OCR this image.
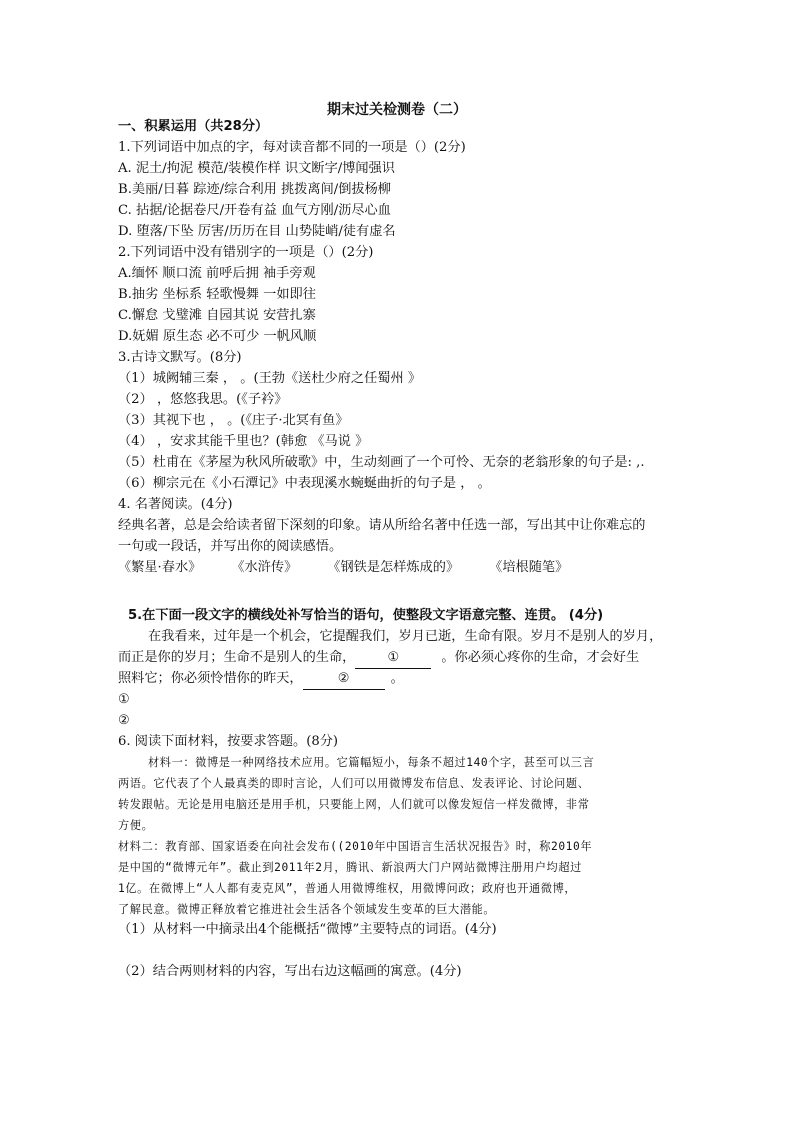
期末过关检测卷（二）
一、积累运用（共28分）
1.下列词语中加点的字，每对读音都不同的一项是（）(2分)
A. 泥土/拘泥 模范/装模作样 识文断字/博闻强识
B.美丽/日暮 踪迹/综合利用 挑拨离间/倒拔杨柳
C. 拈据/论据卷尺/开卷有益 血气方刚/沥尽心血
D. 堕落/下坠 厉害/历历在目 山势陡峭/徒有虚名
2.下列词语中没有错别字的一项是（）(2分)
A.缅怀 顺口流 前呼后拥 袖手旁观
B.抽劣 坐标系 轻歌慢舞 一如即往
C.懈怠 戈璧滩 自园其说 安营扎寨
D.妩媚 原生态 必不可少 一帆风顺
3.古诗文默写。(8分)
（1）城阙辅三秦 ， 。(王勃《送杜少府之任蜀州 》
（2） ，悠悠我思。(《子衿》
（3）其视下也 ， 。(《庄子·北冥有鱼》
（4） ，安求其能千里也？(韩愈 《马说 》
（5）杜甫在《茅屋为秋风所破歌》中，生动刻画了一个可怜、无奈的老翁形象的句子是: ,.
（6）柳宗元在《小石潭记》中表现溪水蜿蜒曲折的句子是 ， 。
4. 名著阅读。(4分)
经典名著，总是会给读者留下深刻的印象。请从所给名著中任选一部，写出其中让你难忘的
一句或一段话，并写出你的阅读感悟。
《繁星·春水》 《水浒传》 《钢铁是怎样炼成的》 《培根随笔》
5.在下面一段文字的横线处补写恰当的语句，使整段文字语意完整、连贯。 (4分)
在我看来，过年是一个机会，它提醒我们，岁月已逝，生命有限。岁月不是别人的岁月，
而正是你的岁月；生命不是别人的生命， ①	。你必须心疼你的生命，才会好生
照料它；你必须怜惜你的昨天，	②	。
①
②
6. 阅读下面材料，按要求答题。(8分)
材料一：微博是一种网络技术应用。它篇幅短小，每条不超过140个字，甚至可以三言
两语。它代表了个人最真类的即时言论，人们可以用微博发布信息、发表评论、讨论问题、
转发跟帖。无论是用电脑还是用手机，只要能上网，人们就可以像发短信一样发微博，非常
方便。
材料二：教育部、国家语委在向社会发布((2010年中国语言生活状况报告》时，称2010年
是中国的“微博元年”。截止到2011年2月，腾讯、新浪两大门户网站微博注册用户均超过
1亿。在微博上“人人都有麦克风”，普通人用微博维权，用微博问政；政府也开通微博，
了解民意。微博正释放着它推进社会生活各个领域发生变革的巨大潜能。
（1）从材料一中摘录出4个能概括“微博”主要特点的词语。(4分)
（2）结合两则材料的内容，写出右边这幅画的寓意。(4分)
